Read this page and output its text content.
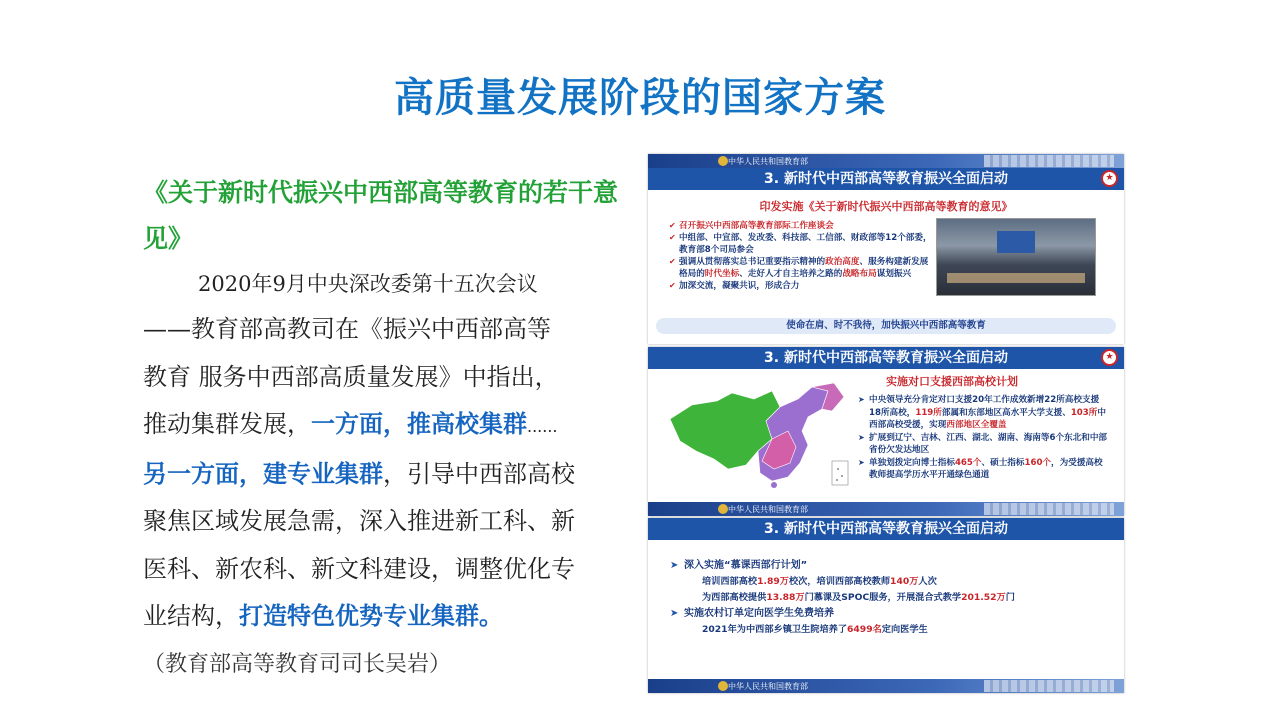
高质量发展阶段的国家方案
《关于新时代振兴中西部高等教育的若干意见》
2020年9月中央深改委第十五次会议
——教育部高教司在《振兴中西部高等
教育 服务中西部高质量发展》中指出，
推动集群发展，一方面，推高校集群......
另一方面，建专业集群，引导中西部高校
聚焦区域发展急需，深入推进新工科、新
医科、新农科、新文科建设，调整优化专
业结构，打造特色优势专业集群。
（教育部高等教育司司长吴岩）
中华人民共和国教育部
3. 新时代中西部高等教育振兴全面启动	★
印发实施《关于新时代振兴中西部高等教育的意见》
✔ 召开振兴中西部高等教育部际工作座谈会
✔ 中组部、中宣部、发改委、科技部、工信部、财政部等12个部委，教育部8个司局参会
✔ 强调从贯彻落实总书记重要指示精神的政治高度、服务构建新发展格局的时代坐标、走好人才自主培养之路的战略布局谋划振兴
✔ 加深交流，凝聚共识，形成合力
使命在肩、时不我待，加快振兴中西部高等教育
3. 新时代中西部高等教育振兴全面启动	★
实施对口支援西部高校计划
➤ 中央领导充分肯定对口支援20年工作成效新增22所高校支援18所高校，119所部属和东部地区高水平大学支援、103所中西部高校受援，实现西部地区全覆盖
➤ 扩展到辽宁、吉林、江西、湖北、湖南、海南等6个东北和中部省份欠发达地区
➤ 单独划拨定向博士指标465个、硕士指标160个，为受援高校教师提高学历水平开通绿色通道
中华人民共和国教育部
3. 新时代中西部高等教育振兴全面启动
➤ 深入实施“慕课西部行计划”
培训西部高校1.89万校次，培训西部高校教师140万人次
为西部高校提供13.88万门慕课及SPOC服务，开展混合式教学201.52万门
➤ 实施农村订单定向医学生免费培养
2021年为中西部乡镇卫生院培养了6499名定向医学生
中华人民共和国教育部
